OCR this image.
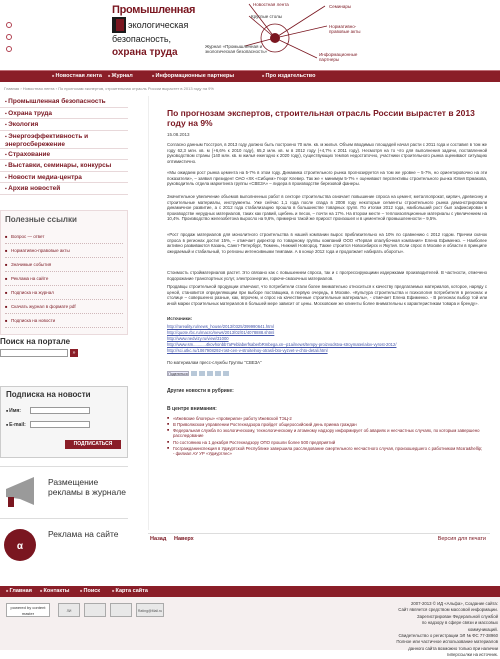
Промышленная
экологическая
безопасность,
охрана труда
Новостная лента	Семинары
Круглые столы
Нормативно-правовые акты
Журнал «Промышленная и экологическая безопасность»
Информационные партнеры
■ Новостная лента	■ Журнал	■ Информационные партнеры	■ Про издательство
Главная › Новостная лента › По прогнозам экспертов, строительная отрасль России вырастет в 2013 году на 9%
▪ Промышленная безопасность
▪ Охрана труда
▪ Экология
▪ Энергоэффективность и энергосбережение
▪ Страхование
▪ Выставки, семинары, конкурсы
▪ Новости медиа-центра
▪ Архив новостей
Полезные ссылки
■ Вопрос — ответ
■ Нормативно-правовые акты
■ Значимые события
■ Реклама на сайте
■ Подписка на журнал
■ Скачать журнал в формате pdf
■ Подписка на новости
Поиск на портале
»
Подписка на новости
■ Имя:
■ E-mail:
ПОДПИСАТЬСЯ
Размещение рекламы в журнале
α
Реклама на сайте
По прогнозам экспертов, строительная отрасль России вырастет в 2013 году на 9%
15.08.2013
Согласно данным Госстроя, в 2013 году должно быть построено 70 млн. кв. м жилья. Объем вводимых площадей начал расти с 2011 года и составил в том же году 62,3 млн. кв. м (+6,6% к 2010 году), 65,2 млн. кв. м в 2012 году (+4,7% к 2011 году). Несмотря на то что для выполнения задачи, поставленной руководством страны (140 млн. кв. м жилья ежегодно к 2020 году), существующих темпов недостаточно, участники строительного рынка оценивают ситуацию оптимистично.
«Мы ожидаем рост рынка цемента на 5-7% в этом году. Динамика строительного рынка прогнозируется на том же уровне – 5-7%, но ориентировочно на эти показатели», – заявил президент ОАО «ХК «Сибцем» Георг Клевер. Так же « минимум 5-7% » оценивают перспективы строительного рынка Юлия Ермакова, руководитель отдела маркетинга группы «СВЕЗА» – лидера в производстве березовой фанеры.
Значительное увеличение объемов выполненных работ в секторе строительства означает повышение спроса на цемент, металлопрокат, кирпич, древесину и строительные материалы, инструменты. Уже сейчас 1,1 года после спада в 2008 году некоторые сегменты строительного рынка демонстрировали динамичное развитие, а с 2012 года стабилизацию прошла в большинстве товарных групп. По итогам 2012 года, наибольший рост был зафиксирован в производстве нерудных материалов, таких как гравий, щебень и песок, – почти на 17%. На втором месте – теплоизоляционные материалы с увеличением на 10,4%. Производство железобетона выросло на 9,6%, примерно такой же прирост произошел и в цементной промышленности – 9,5%.
«Рост продаж материалов для монолитного строительства в нашей компании вырос приблизительно на 10% по сравнению с 2012 годом. Причем скачок спроса в регионах достиг 15%, – отмечает директор по товарному группы компаний ООО «Первая опалубочная компания» Елена Ефименко. – Наиболее активно развиваются Казань, Санкт-Петербург, Тюмень, Нижний Новгород. Также строится Новосибирск и Якутия. Если спрос в Москве и области в принципе ожидаемый и стабильный, то регионы интенсивными темпами. А в конце 2012 года и продолжает набирать обороты».
Стоимость стройматериалов растет. Это связано как с повышением спроса, так и с прогрессирующими издержками производителей. В частности, отмечено подорожание транспортных услуг, электроэнергии, горюче-смазочных материалов.
Продавцы строительной продукции отмечают, что потребители стали более внимательно относиться к качеству предлагаемых материалов, которое, наряду с ценой, становится определяющим при выборе поставщика, в первую очередь, в Москве. «Культура строительства и психология потребителя в регионах и столице – совершенно разные, как, впрочем, и спрос на качественные строительные материалы», - отмечает Елена Ефименко. - В регионах выбор той или иной марки строительных материалов в большей мере зависит от цены. Московские же клиенты более внимательны к характеристикам товара и бренду».
Источники:
http://rareality.ru/news_house/2013/0325/399990641.html
http://quote.rbc.ru/macro/news/2013/02/01/4078888.shtml
http://www.nedvizy.ru/view/31000
http://www.sm...........4kovhonbb7aPeblaberfsaberbRmbega.xn--p1ai/news/tempy-proizvodstva-stroymaterialov-vyrost-2012/
http://sci.utkc.ru/1067908292-rost-cen-v-stroitelnoy-otrasli-bto-vyzvet-v-chto-detali.html
По материалам пресс-службы Группы "СВЕЗА"
Поделиться
Другие новости в рубрике:
В центре внимания:
■ «Ижевские блогеры» «проверили» работу Ижевской ТЭЦ-2
■ В Приволжском управлении Ростехнадзора пройдет общероссийский день приема граждан
■ Федеральная служба по экологическому, технологическому и атомному надзору информирует об авариях и несчастных случаях, по которым завершено расследование
■ По состоянию на 1 декабря Ростехнадзору ОПО прошли более 500 предприятий
■ Госгражданинспекция в Удмуртской Республике завершила расследование смертельного несчастного случая, произошедшего с работником Мозга&hellip; - филиал АУ УР «Удмуртлес»
Назад Наверх	Версия для печати
■ Главная	■ Контакты	■ Поиск	■ Карта сайта
powered by content master	ЛИ	Rating@Mail.ru
2007-2013 © ИД «Альфа», Создание сайта:
Сайт является средством массовой информации.
Зарегистрирован Федеральной службой
по надзору в сфере связи и массовых коммуникаций.
Свидетельство о регистрации ЭЛ № ФС 77-38960
Полное или частичное использование материалов
данного сайта возможно только при наличии
гиперссылки на источник.
